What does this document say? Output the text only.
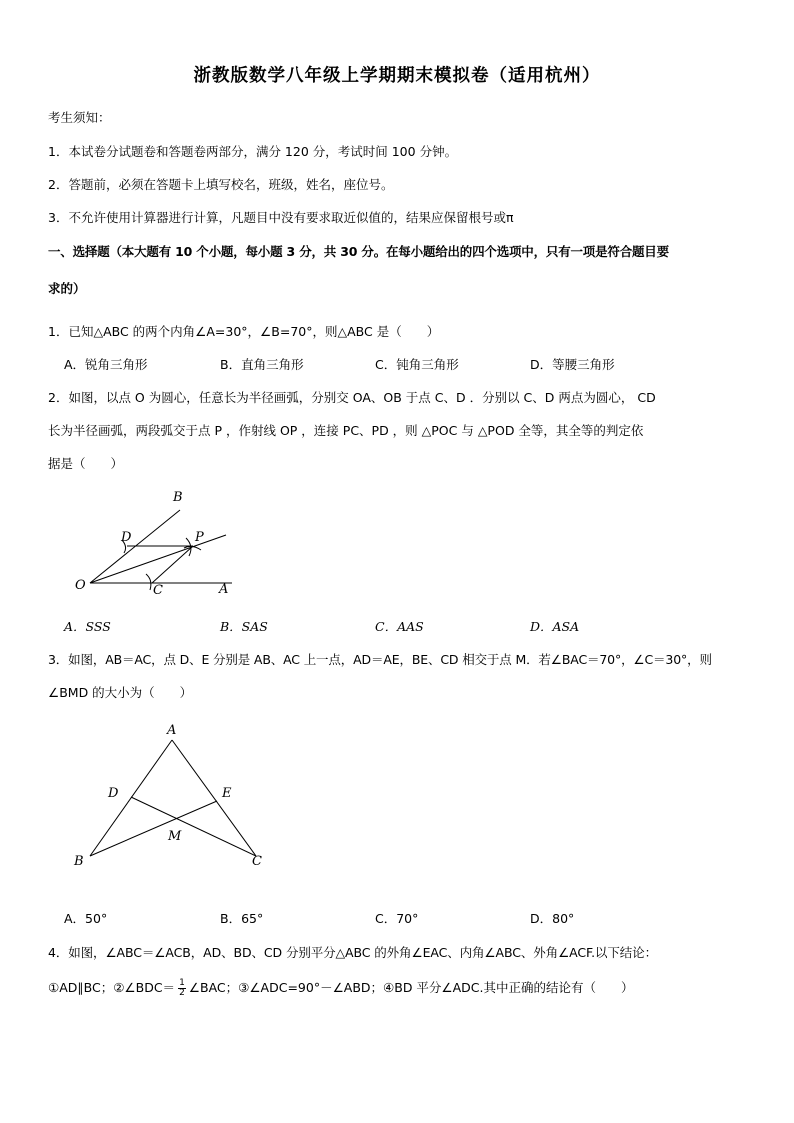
浙教版数学八年级上学期期末模拟卷（适用杭州）
考生须知：
1．本试卷分试题卷和答题卷两部分，满分 120 分，考试时间 100 分钟。
2．答题前，必须在答题卡上填写校名，班级，姓名，座位号。
3．不允许使用计算器进行计算，凡题目中没有要求取近似值的，结果应保留根号或π
一、选择题（本大题有 10 个小题，每小题 3 分，共 30 分。在每小题给出的四个选项中，只有一项是符合题目要
求的）
1．已知△ABC 的两个内角∠A=30°，∠B=70°，则△ABC 是（　　）
A．锐角三角形	B．直角三角形	C．钝角三角形	D．等腰三角形
2．如图，以点 O 为圆心，任意长为半径画弧，分别交 OA、OB 于点 C、D ．分别以 C、D 两点为圆心， CD
长为半径画弧，两段弧交于点 P ，作射线 OP ，连接 PC、PD ，则 △POC 与 △POD 全等，其全等的判定依
据是（　　）
B
D	P
O	C	A
A．SSS	B．SAS	C．AAS	D．ASA
3．如图，AB＝AC，点 D、E 分别是 AB、AC 上一点，AD＝AE，BE、CD 相交于点 M．若∠BAC＝70°，∠C＝30°，则
∠BMD 的大小为（　　）
A
D	E
M
B	C
A．50°	B．65°	C．70°	D．80°
4．如图，∠ABC＝∠ACB，AD、BD、CD 分别平分△ABC 的外角∠EAC、内角∠ABC、外角∠ACF.以下结论：
①AD∥BC；②∠BDC＝ $\frac{1}{2}$ ∠BAC；③∠ADC=90°－∠ABD；④BD 平分∠ADC.其中正确的结论有（　　）
